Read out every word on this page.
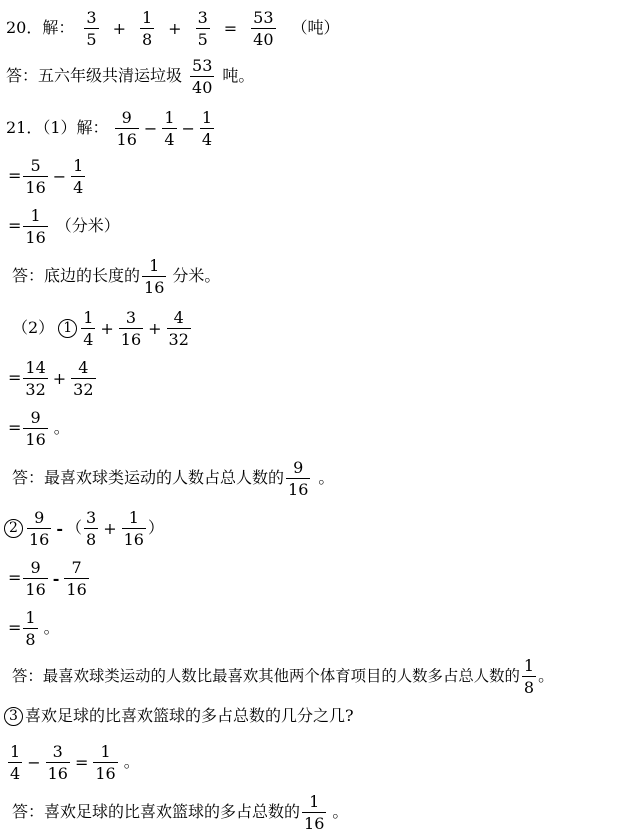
20．解：
3
5
+ $\frac{1}{8} + \frac{3}{5} = \frac{53}{40}$ （吨）
答：五六年级共清运垃圾
53
40
吨。
21．（1）解：
9
16
− $\frac{1}{4} - \frac{1}{4}$
= $\frac{5}{16} - \frac{1}{4}$
= $\frac{1}{16}$ （分米）
答：底边的长度的
1
16
分米。
（2） 1
1
4
+ $\frac{3}{16} + \frac{4}{32}$
= $\frac{14}{32} + \frac{4}{32}$
= $\frac{9}{16}$ 。
答：最喜欢球类运动的人数占总人数的
9
16
。
2
9
16
- （
3
8
+ $\frac{1}{16}$ ）
= $\frac{9}{16}$ -
7
16
= $\frac{1}{8}$ 。
答：最喜欢球类运动的人数比最喜欢其他两个体育项目的人数多占总人数的
1
8
。
3 喜欢足球的比喜欢篮球的多占总数的几分之几?
1
4
− $\frac{3}{16} = \frac{1}{16}$ 。
答：喜欢足球的比喜欢篮球的多占总数的
1
16
。
